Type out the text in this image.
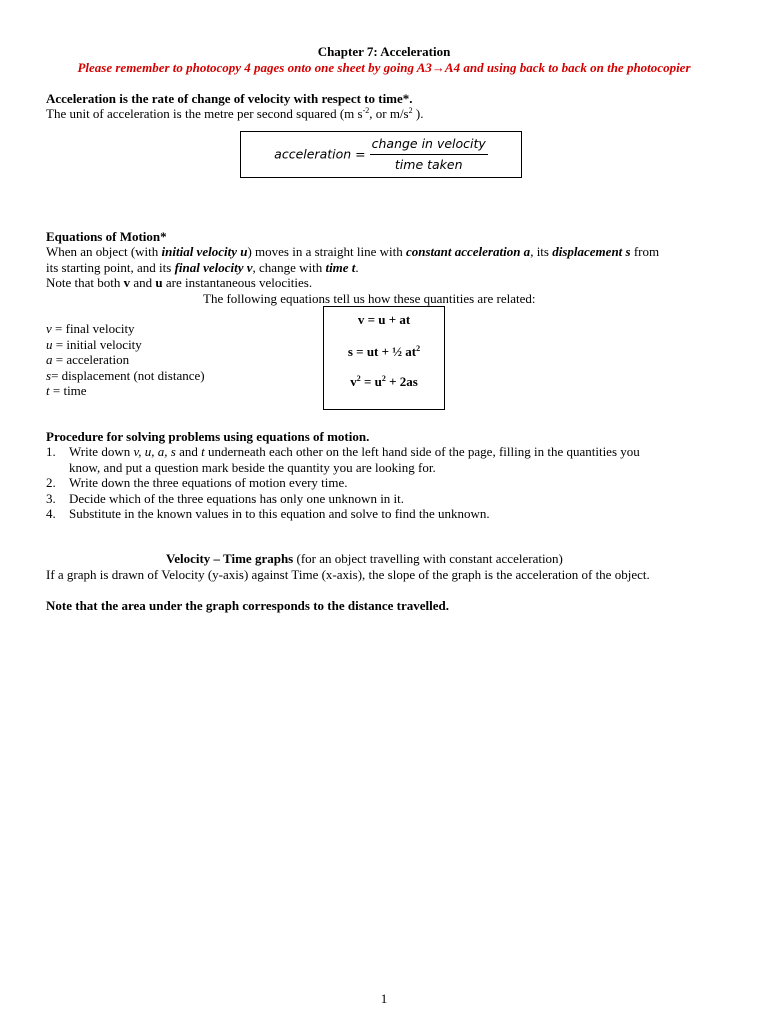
Chapter 7: Acceleration
Please remember to photocopy 4 pages onto one sheet by going A3→A4 and using back to back on the photocopier
Acceleration is the rate of change of velocity with respect to time*.
The unit of acceleration is the metre per second squared (m $s^{-2}$, or $m/s^2$ ).
acceleration = $\frac{\text{change in velocity}}{\text{time taken}}$
Equations of Motion*
When an object (with initial velocity u) moves in a straight line with constant acceleration a, its displacement s from
its starting point, and its final velocity v, change with time t.
Note that both v and u are instantaneous velocities.
The following equations tell us how these quantities are related:
v = final velocity
u = initial velocity
a = acceleration
s= displacement (not distance)
t = time
v = u + at
s = ut + ½ $at^2$
$v^2 = u^2 + 2as$
Procedure for solving problems using equations of motion.
1. Write down v, u, a, s and t underneath each other on the left hand side of the page, filling in the quantities you
know, and put a question mark beside the quantity you are looking for.
2. Write down the three equations of motion every time.
3. Decide which of the three equations has only one unknown in it.
4. Substitute in the known values in to this equation and solve to find the unknown.
Velocity – Time graphs (for an object travelling with constant acceleration)
If a graph is drawn of Velocity (y-axis) against Time (x-axis), the slope of the graph is the acceleration of the object.
Note that the area under the graph corresponds to the distance travelled.
1
